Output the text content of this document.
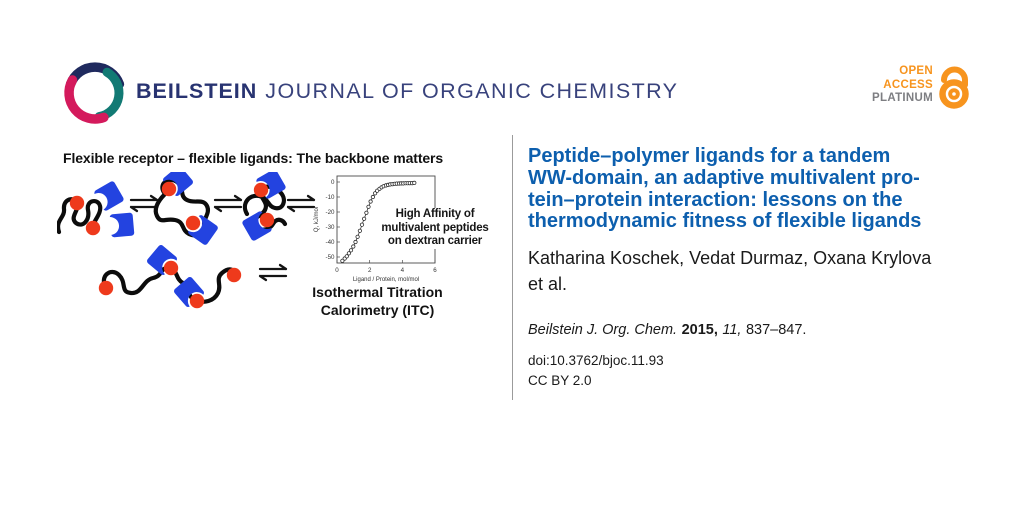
BEILSTEIN JOURNAL OF ORGANIC CHEMISTRY
OPEN
ACCESS
PLATINUM
Flexible receptor – flexible ligands: The backbone matters
0	2	4	6
0
-10
-20
-30
-40
-50
Ligand / Protein, mol/mol
Q, kJ/mol	High Affinity of
multivalent peptides
on dextran carrier
Isothermal Titration
Calorimetry (ITC)
Peptide–polymer ligands for a tandem
WW-domain, an adaptive multivalent pro-
tein–protein interaction: lessons on the
thermodynamic fitness of flexible ligands
Katharina Koschek, Vedat Durmaz, Oxana Krylova
et al.
Beilstein J. Org. Chem. 2015, 11, 837–847.
doi:10.3762/bjoc.11.93
CC BY 2.0
